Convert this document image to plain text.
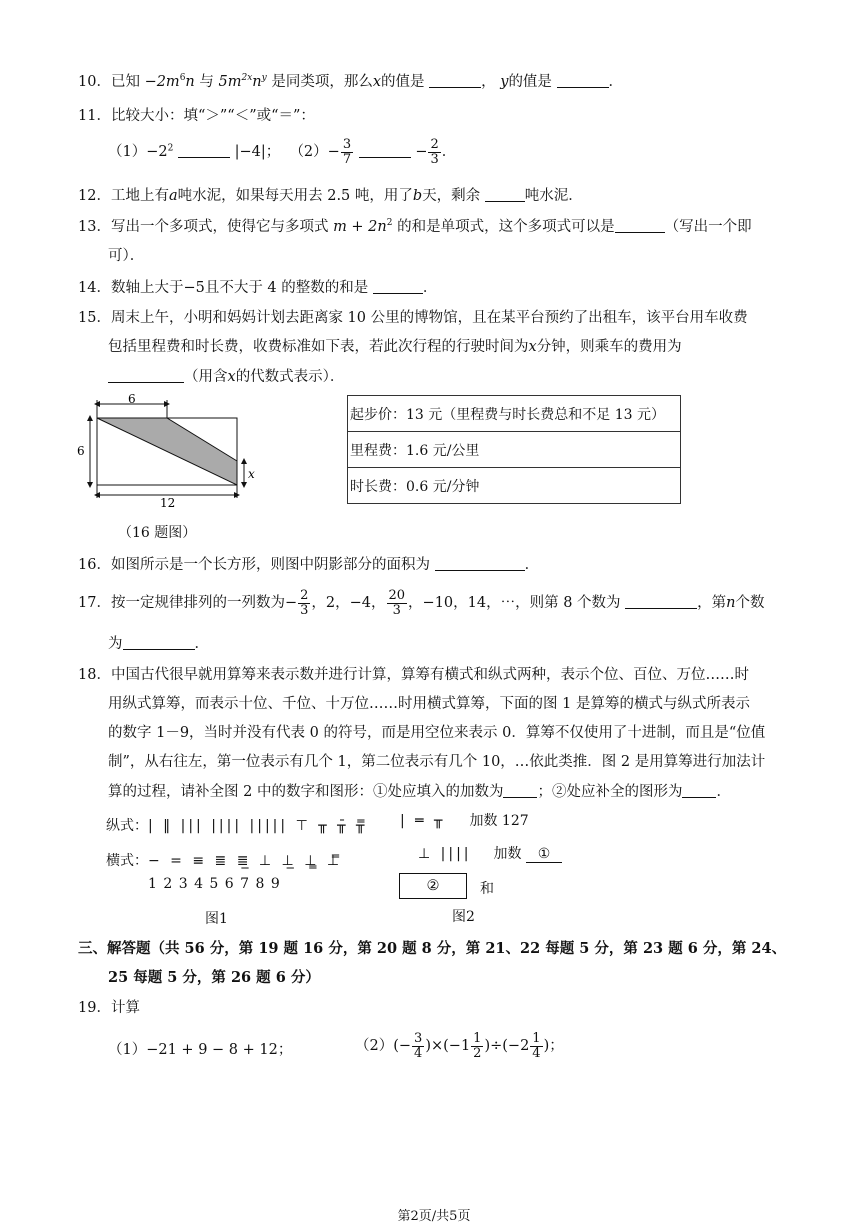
10．已知 $-2m^6n$ 与 $5m^{2x}n^y$ 是同类项，那么x的值是	， y的值是	．
11．比较大小：填“＞”“＜”或“＝”：
$(1)-2^2$	|−4|； $(2)- \frac{3}{7}$	− $\frac{2}{3}$ ．
12．工地上有a吨水泥，如果每天用去 2.5 吨，用了b天，剩余	吨水泥．
13．写出一个多项式，使得它与多项式 $m + 2n^2$ 的和是单项式，这个多项式可以是	（写出一个即
可）．
14．数轴上大于−5且不大于 4 的整数的和是	．
15．周末上午，小明和妈妈计划去距离家 10 公里的博物馆，且在某平台预约了出租车，该平台用车收费
包括里程费和时长费，收费标准如下表，若此次行程的行驶时间为x分钟，则乘车的费用为
（用含x的代数式表示）．
6
6
12
x
（16 题图）
起步价：13 元（里程费与时长费总和不足 13 元）
里程费：1.6 元/公里
时长费：0.6 元/分钟
16．如图所示是一个长方形，则图中阴影部分的面积为	．
17．按一定规律排列的一列数为− $\frac{2}{3}$ ，2，−4， $\frac{20}{3}$ ，−10，14，⋯，则第 8 个数为	，第n个数
为	．
18．中国古代很早就用算筹来表示数并进行计算，算筹有横式和纵式两种，表示个位、百位、万位……时
用纵式算筹，而表示十位、千位、十万位……时用横式算筹，下面的图 1 是算筹的横式与纵式所表示
的数字 1－9，当时并没有代表 0 的符号，而是用空位来表示 0．算筹不仅使用了十进制，而且是“位值
制”，从右往左，第一位表示有几个 1，第二位表示有几个 10，…依此类推．图 2 是用算筹进行加法计
算的过程，请补全图 2 中的数字和图形：①处应填入的加数为 ；②处应补全的图形为 ．
纵式：| ‖ ||| |||| ||||| ⊤ ╥ ╥̄ ╥̿
横式：− = ≡ ≣ ≣̲ ⊥ ⊥̲ ⊥̳ ⊥̿
1 2 3 4 5 6 7 8 9
图1
| ═ ╥ 加数 127
⊥ |||| 加数 ①
②	和
图2
三、解答题（共 56 分，第 19 题 16 分，第 20 题 8 分，第 21、22 每题 5 分，第 23 题 6 分，第 24、
25 每题 5 分，第 26 题 6 分）
19．计算
（1）−21 + 9 − 8 + 12；	$(2)(- \frac{3}{4} )\times(-1 \frac{1}{2} )\div(-2 \frac{1}{4}$ )；
第2页/共5页
